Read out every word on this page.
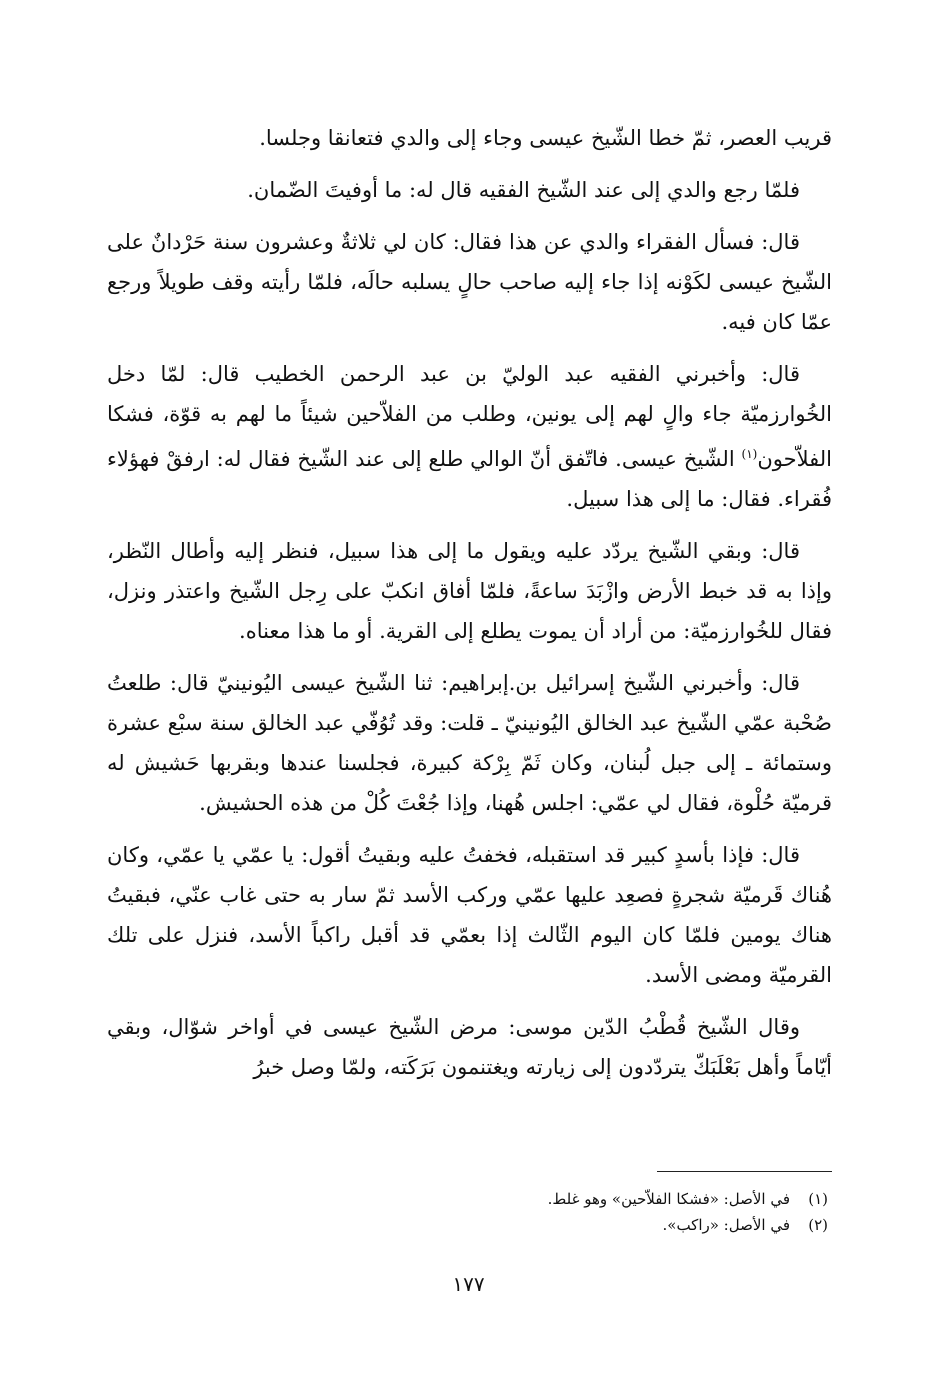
قريب العصر، ثمّ خطا الشّيخ عيسى وجاء إلى والدي فتعانقا وجلسا.

فلمّا رجع والدي إلى عند الشّيخ الفقيه قال له: ما أوفيتَ الضّمان.

قال: فسأل الفقراء والدي عن هذا فقال: كان لي ثلاثةٌ وعشرون سنة حَرْدانٌ على الشّيخ عيسى لكَوْنه إذا جاء إليه صاحب حالٍ يسلبه حالَه، فلمّا رأيته وقف طويلاً ورجع عمّا كان فيه.

قال: وأخبرني الفقيه عبد الوليّ بن عبد الرحمن الخطيب قال: لمّا دخل الخُوارزميّة جاء والٍ لهم إلى يونين، وطلب من الفلاّحين شيئاً ما لهم به قوّة، فشكا الفلاّحون$^{(١)}$ الشّيخ عيسى. فاتّفق أنّ الوالي طلع إلى عند الشّيخ فقال له: ارفقْ فهؤلاء فُقراء. فقال: ما إلى هذا سبيل.

قال: وبقي الشّيخ يردّد عليه ويقول ما إلى هذا سبيل، فنظر إليه وأطال النّظر، وإذا به قد خبط الأرض وازْبَدَ ساعةً، فلمّا أفاق انكبّ على رِجل الشّيخ واعتذر ونزل، فقال للخُوارزميّة: من أراد أن يموت يطلع إلى القرية. أو ما هذا معناه.

قال: وأخبرني الشّيخ إسرائيل بن.إبراهيم: ثنا الشّيخ عيسى اليُونينيّ قال: طلعتُ صُحْبة عمّي الشّيخ عبد الخالق اليُونينيّ ـ قلت: وقد تُوُفّي عبد الخالق سنة سبْع عشرة وستمائة ـ إلى جبل لُبنان، وكان ثَمّ بِرْكة كبيرة، فجلسنا عندها وبقربها حَشيش له قرميّة حُلْوة، فقال لي عمّي: اجلس هُهنا، وإذا جُعْتَ كُلْ من هذه الحشيش.

قال: فإذا بأسدٍ كبير قد استقبله، فخفتُ عليه وبقيتُ أقول: يا عمّي يا عمّي، وكان هُناك قَرميّة شجرةٍ فصعِد عليها عمّي وركب الأسد ثمّ سار به حتى غاب عنّي، فبقيتُ هناك يومين فلمّا كان اليوم الثّالث إذا بعمّي قد أقبل راكباً الأسد، فنزل على تلك القرميّة ومضى الأسد.

وقال الشّيخ قُطْبُ الدّين موسى: مرض الشّيخ عيسى في أواخر شوّال، وبقي أيّاماً وأهل بَعْلَبَكّ يتردّدون إلى زيارته ويغتنمون بَرَكَته، ولمّا وصل خبرُ

(١)
في الأصل: «فشكا الفلاّحين» وهو غلط.
(٢)
في الأصل: «راكب».
١٧٧
